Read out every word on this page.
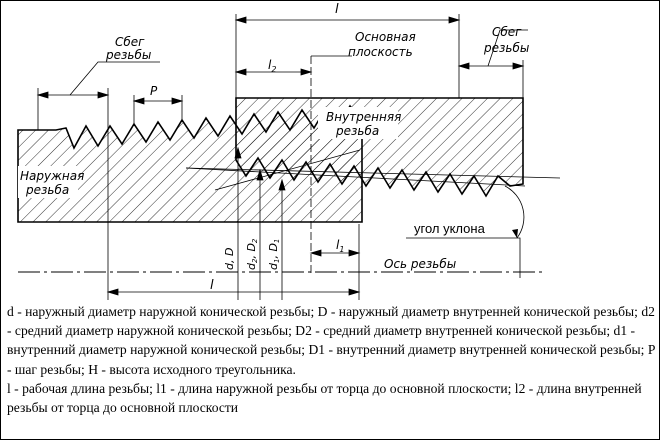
l
$l_2$
P
Сбег
резьбы
Сбег
резьбы
Основная
плоскость
Внутренняя
резьба
Наружная
резьба
угол уклона
Ось резьбы
$l_1$
l
d, D d2, D2
d1, D1

d - наружный диаметр наружной конической резьбы; D - наружный диаметр внутренней конической резьбы; d2 - средний диаметр наружной конической резьбы; D2 - средний диаметр внутренней конической резьбы; d1 - внутренний диаметр наружной конической резьбы; D1 - внутренний диаметр внутренней конической резьбы; P - шаг резьбы; H - высота исходного треугольника.

l - рабочая длина резьбы; l1 - длина наружной резьбы от торца до основной плоскости; l2 - длина внутренней резьбы от торца до основной плоскости
